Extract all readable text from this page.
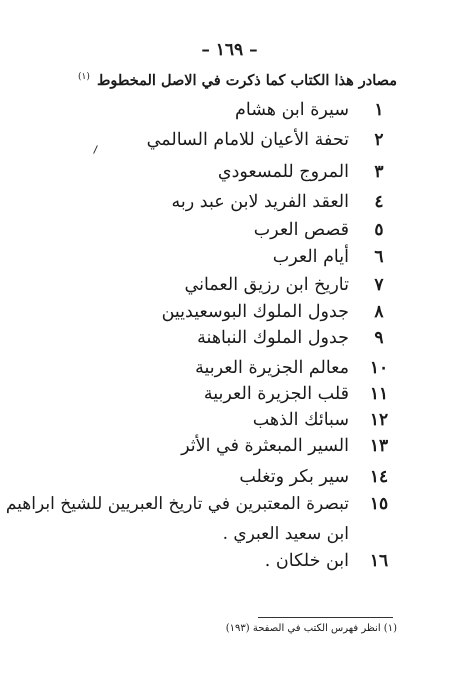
– ١٦٩ –
مصادر هذا الكتاب كما ذكرت في الاصل المخطوط $^{(١)}$
١
سيرة ابن هشام
٢
تحفة الأعيان للامام السالمي
٣
المروج للمسعودي
٤
العقد الفريد لابن عبد ربه
٥
قصص العرب
٦
أيام العرب
٧
تاريخ ابن رزيق العماني
٨
جدول الملوك البوسعيديين
٩
جدول الملوك النباهنة
١٠
معالم الجزيرة العربية
١١
قلب الجزيرة العربية
١٢
سبائك الذهب
١٣
السير المبعثرة في الأثر
١٤
سير بكر وتغلب
١٥
تبصرة المعتبرين في تاريخ العبريين للشيخ ابراهيم
ابن سعيد العبري .
١٦
ابن خلكان .
(١) انظر فهرس الكتب في الصفحة (١٩٣)
